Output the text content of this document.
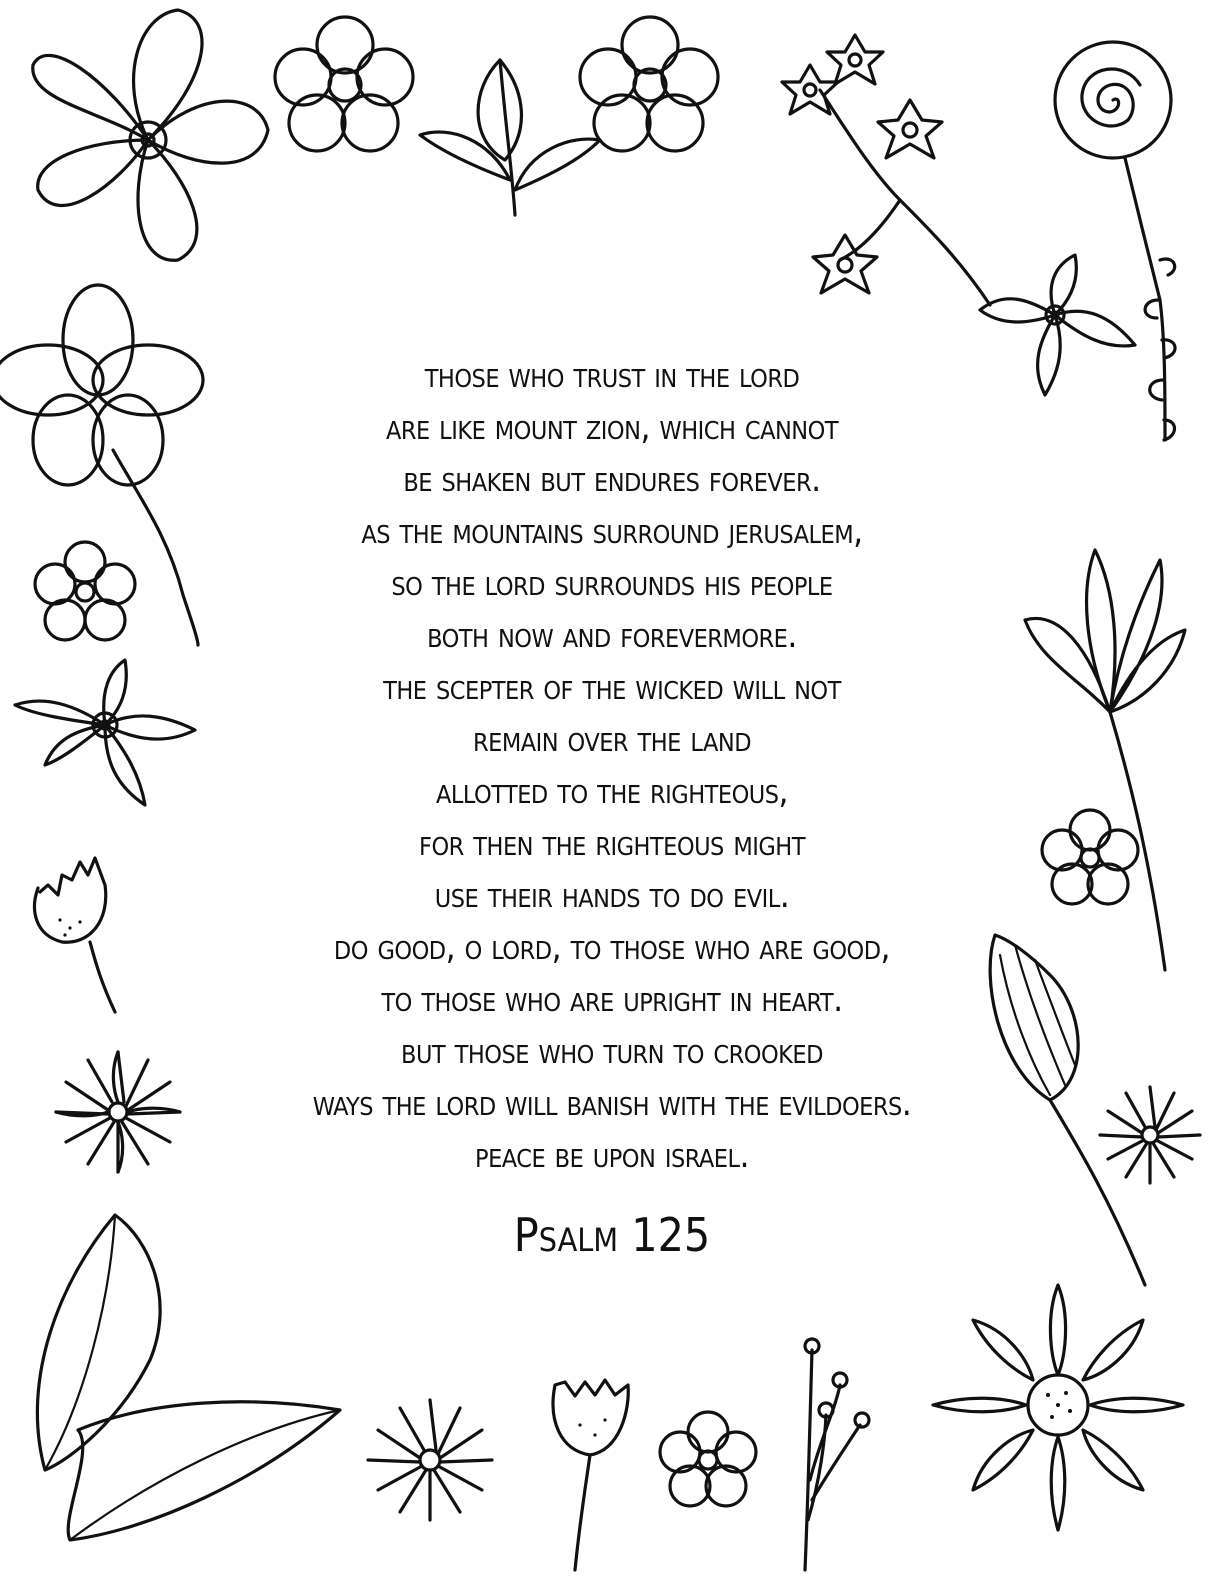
those who trust in the lord
are like mount zion, which cannot
be shaken but endures forever.
as the mountains surround jerusalem,
so the lord surrounds his people
both now and forevermore.
the scepter of the wicked will not
remain over the land
allotted to the righteous,
for then the righteous might
use their hands to do evil.
do good, o lord, to those who are good,
to those who are upright in heart.
but those who turn to crooked
ways the lord will banish with the evildoers.
peace be upon israel.
Psalm 125
